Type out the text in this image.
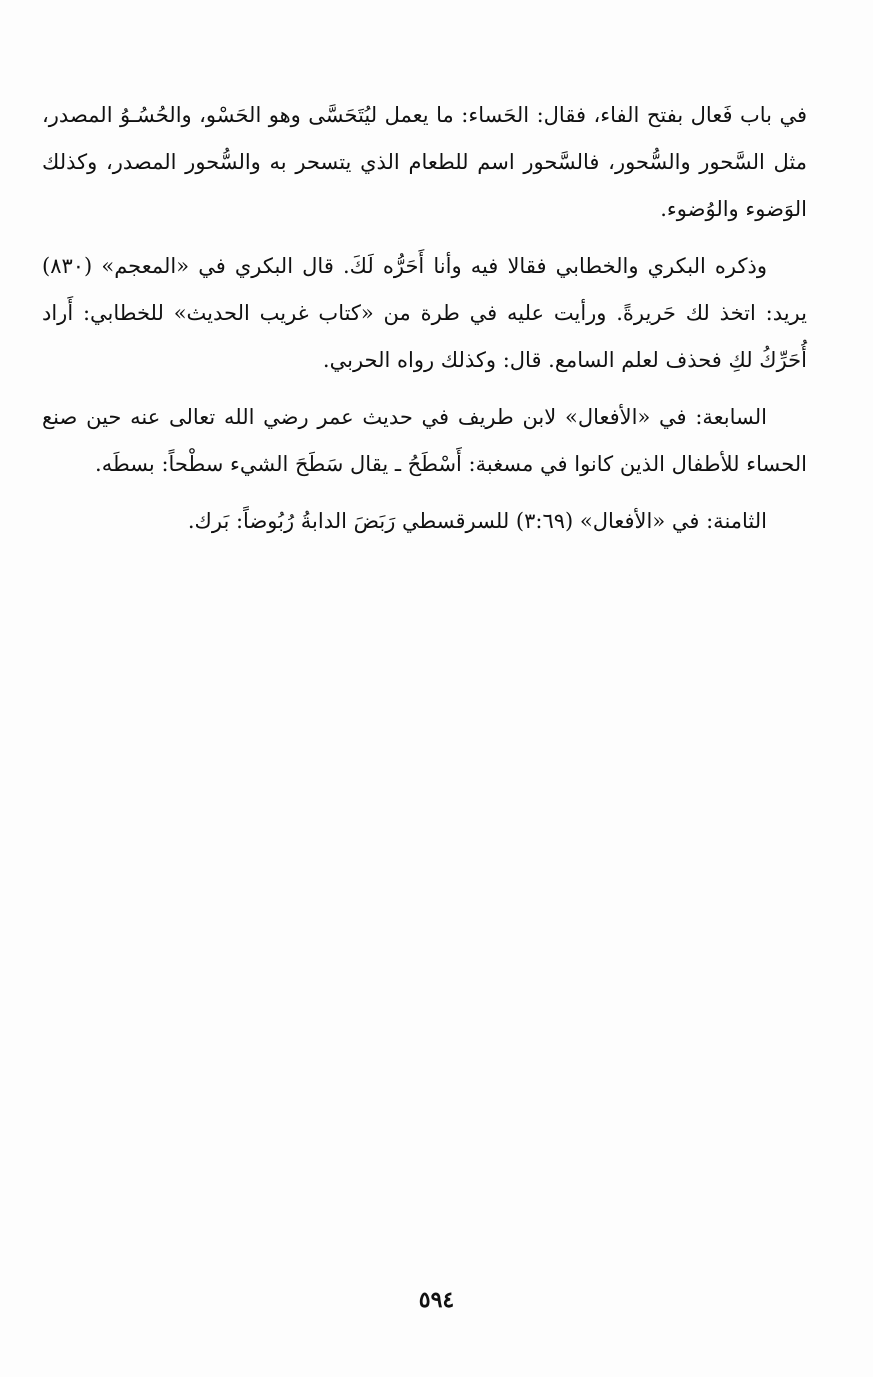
في باب فَعال بفتح الفاء، فقال: الحَساء: ما يعمل ليُتَحَسَّى وهو الحَسْو، والحُسُـوُ المصدر، مثل السَّحور والسُّحور، فالسَّحور اسم للطعام الذي يتسحر به والسُّحور المصدر، وكذلك الوَضوء والوُضوء.

وذكره البكري والخطابي فقالا فيه وأنا أَحَرُّه لَكَ. قال البكري في «المعجم» (٨٣٠) يريد: اتخذ لك حَريرةً. ورأيت عليه في طرة من «كتاب غريب الحديث» للخطابي: أَراد أُحَرِّكُ لكِ فحذف لعلم السامع. قال: وكذلك رواه الحربي.

السابعة: في «الأفعال» لابن طريف في حديث عمر رضي الله تعالى عنه حين صنع الحساء للأطفال الذين كانوا في مسغبة: أَسْطَحُ ـ يقال سَطَحَ الشيء سطْحاً: بسطَه.

الثامنة: في «الأفعال» (٣:٦٩) للسرقسطي رَبَضَ الدابةُ رُبُوضاً: بَرك.

٥٩٤
